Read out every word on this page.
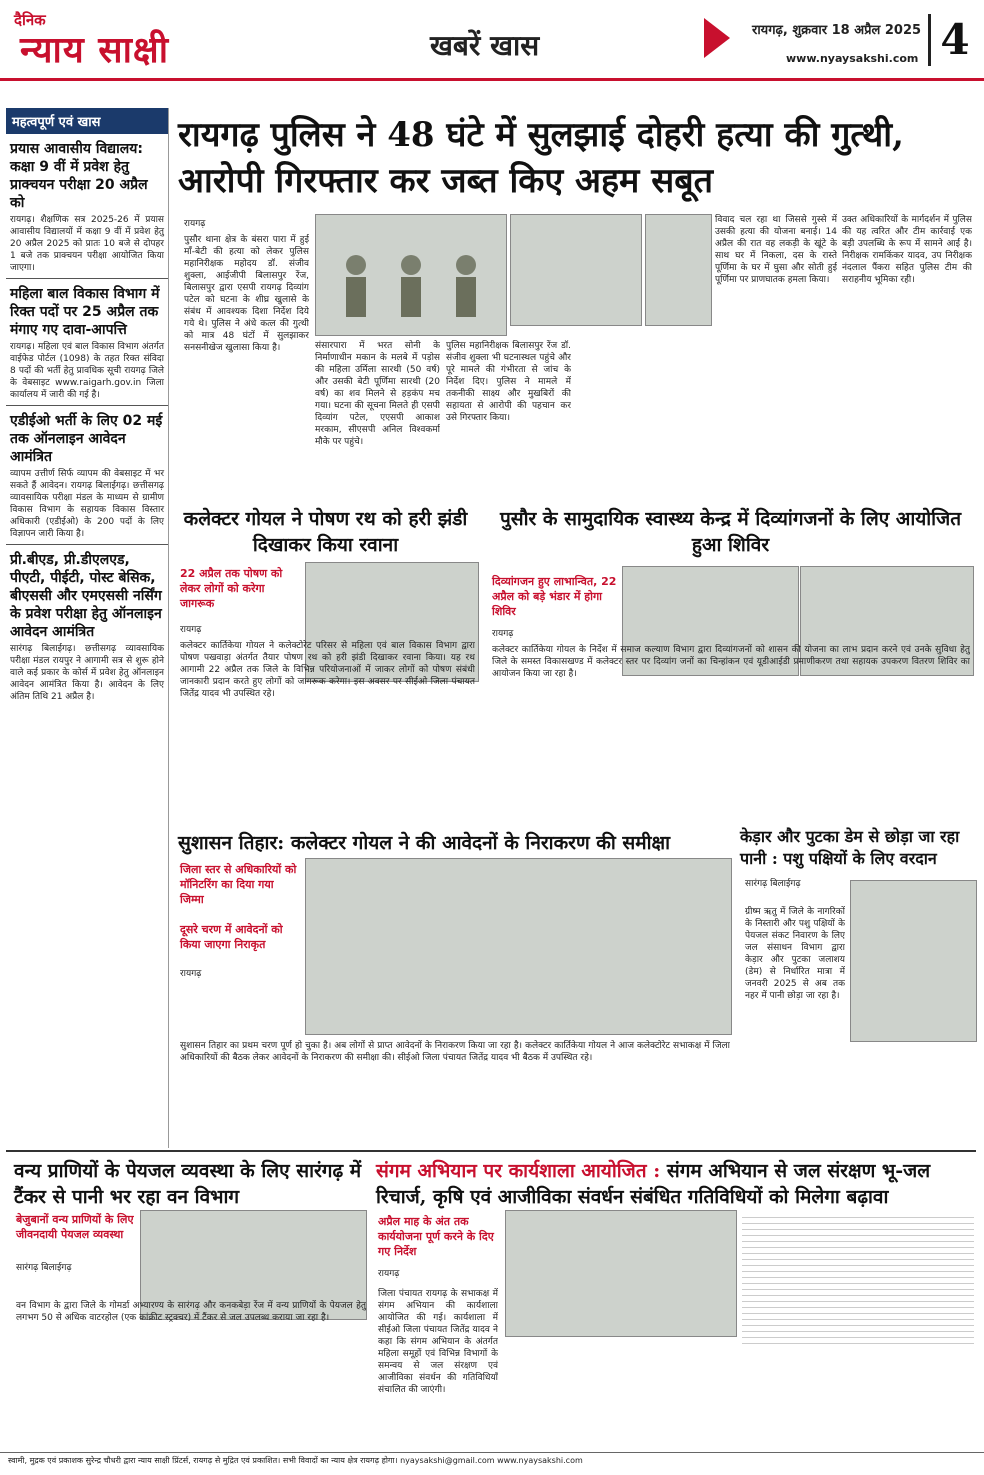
दैनिक
न्याय साक्षी	खबरें खास	रायगढ़, शुक्रवार 18 अप्रैल 2025
www.nyaysakshi.com 4
महत्वपूर्ण एवं खास
प्रयास आवासीय विद्यालय: कक्षा 9 वीं में प्रवेश हेतु प्राक्चयन परीक्षा 20 अप्रैल को
रायगढ़। शैक्षणिक सत्र 2025-26 में प्रयास आवासीय विद्यालयों में कक्षा 9 वीं में प्रवेश हेतु 20 अप्रैल 2025 को प्रातः 10 बजे से दोपहर 1 बजे तक प्राक्चयन परीक्षा आयोजित किया जाएगा।
महिला बाल विकास विभाग में रिक्त पदों पर 25 अप्रैल तक मंगाए गए दावा-आपत्ति
रायगढ़। महिला एवं बाल विकास विभाग अंतर्गत वाईफेड पोर्टल (1098) के तहत रिक्त संविदा 8 पदों की भर्ती हेतु प्रावधिक सूची रायगढ़ जिले के वेबसाइट www.raigarh.gov.in जिला कार्यालय में जारी की गई है।
एडीईओ भर्ती के लिए 02 मई तक ऑनलाइन आवेदन आमंत्रित
व्यापम उत्तीर्ण सिर्फ व्यापम की वेबसाइट में भर सकते हैं आवेदन। रायगढ़ बिलाईगढ़। छत्तीसगढ़ व्यावसायिक परीक्षा मंडल के माध्यम से ग्रामीण विकास विभाग के सहायक विकास विस्तार अधिकारी (एडीईओ) के 200 पदों के लिए विज्ञापन जारी किया है।
प्री.बीएड, प्री.डीएलएड, पीएटी, पीईटी, पोस्ट बेसिक, बीएससी और एमएससी नर्सिंग के प्रवेश परीक्षा हेतु ऑनलाइन आवेदन आमंत्रित
सारंगढ़ बिलाईगढ़। छत्तीसगढ़ व्यावसायिक परीक्षा मंडल रायपुर ने आगामी सत्र से शुरू होने वाले कई प्रकार के कोर्स में प्रवेश हेतु ऑनलाइन आवेदन आमंत्रित किया है। आवेदन के लिए अंतिम तिथि 21 अप्रैल है।
रायगढ़ पुलिस ने 48 घंटे में सुलझाई दोहरी हत्या की गुत्थी, आरोपी गिरफ्तार कर जब्त किए अहम सबूत
रायगढ़
पुसौर थाना क्षेत्र के बंसरा पारा में हुई माँ-बेटी की हत्या को लेकर पुलिस महानिरीक्षक महोदय डॉ. संजीव शुक्ला, आईजीपी बिलासपुर रेंज, बिलासपुर द्वारा एसपी रायगढ़ दिव्यांग पटेल को घटना के शीघ्र खुलासे के संबंध में आवश्यक दिशा निर्देश दिये गये थे। पुलिस ने अंधे कत्ल की गुत्थी को मात्र 48 घंटों में सुलझाकर सनसनीखेज खुलासा किया है।	संसारपारा में भरत सोनी के निर्माणाधीन मकान के मलबे में पड़ोस की महिला उर्मिला सारथी (50 वर्ष) और उसकी बेटी पूर्णिमा सारथी (20 वर्ष) का शव मिलने से हड़कंप मच गया। घटना की सूचना मिलते ही एसपी दिव्यांग पटेल, एएसपी आकाश मरकाम, सीएसपी अनिल विश्वकर्मा मौके पर पहुंचे।
पुलिस महानिरीक्षक बिलासपुर रेंज डॉ. संजीव शुक्ला भी घटनास्थल पहुंचे और पूरे मामले की गंभीरता से जांच के निर्देश दिए। पुलिस ने मामले में तकनीकी साक्ष्य और मुखबिरों की सहायता से आरोपी की पहचान कर उसे गिरफ्तार किया।
विवाद चल रहा था जिससे गुस्से में उसकी हत्या की योजना बनाई। 14 अप्रैल की रात वह लकड़ी के खूंटे के साथ घर में निकला, दस के रास्ते पूर्णिमा के घर में घुसा और सोती हुई पूर्णिमा पर प्राणघातक हमला किया।
उक्त अधिकारियों के मार्गदर्शन में पुलिस की यह त्वरित और टीम कार्रवाई एक बड़ी उपलब्धि के रूप में सामने आई है। निरीक्षक रामकिंकर यादव, उप निरीक्षक नंदलाल पैंकरा सहित पुलिस टीम की सराहनीय भूमिका रही।
कलेक्टर गोयल ने पोषण रथ को हरी झंडी दिखाकर किया रवाना
22 अप्रैल तक पोषण को लेकर लोगों को करेगा जागरूक
रायगढ़
कलेक्टर कार्तिकेया गोयल ने कलेक्टोरेट परिसर से महिला एवं बाल विकास विभाग द्वारा पोषण पखवाड़ा अंतर्गत तैयार पोषण रथ को हरी झंडी दिखाकर रवाना किया। यह रथ आगामी 22 अप्रैल तक जिले के विभिन्न परियोजनाओं में जाकर लोगों को पोषण संबंधी जानकारी प्रदान करते हुए लोगों को जागरूक करेगा। इस अवसर पर सीईओ जिला पंचायत जितेंद्र यादव भी उपस्थित रहे।
पुसौर के सामुदायिक स्वास्थ्य केन्द्र में दिव्यांगजनों के लिए आयोजित हुआ शिविर
दिव्यांगजन हुए लाभान्वित, 22 अप्रैल को बड़े भंडार में होगा शिविर
रायगढ़
कलेक्टर कार्तिकेया गोयल के निर्देश में समाज कल्याण विभाग द्वारा दिव्यांगजनों को शासन की योजना का लाभ प्रदान करने एवं उनके सुविधा हेतु जिले के समस्त विकासखण्ड में कलेक्टर स्तर पर दिव्यांग जनों का चिन्हांकन एवं यूडीआईडी प्रमाणीकरण तथा सहायक उपकरण वितरण शिविर का आयोजन किया जा रहा है।
सुशासन तिहार: कलेक्टर गोयल ने की आवेदनों के निराकरण की समीक्षा
जिला स्तर से अधिकारियों को मॉनिटरिंग का दिया गया जिम्मा
दूसरे चरण में आवेदनों को किया जाएगा निराकृत
रायगढ़
सुशासन तिहार का प्रथम चरण पूर्ण हो चुका है। अब लोगों से प्राप्त आवेदनों के निराकरण किया जा रहा है। कलेक्टर कार्तिकेया गोयल ने आज कलेक्टोरेट सभाकक्ष में जिला अधिकारियों की बैठक लेकर आवेदनों के निराकरण की समीक्षा की। सीईओ जिला पंचायत जितेंद्र यादव भी बैठक में उपस्थित रहे।
केड़ार और पुटका डेम से छोड़ा जा रहा पानी : पशु पक्षियों के लिए वरदान
सारंगढ़ बिलाईगढ़
ग्रीष्म ऋतु में जिले के नागरिकों के निस्तारी और पशु पक्षियों के पेयजल संकट निवारण के लिए जल संसाधन विभाग द्वारा केड़ार और पुटका जलाशय (डेम) से निर्धारित मात्रा में जनवरी 2025 से अब तक नहर में पानी छोड़ा जा रहा है।
वन्य प्राणियों के पेयजल व्यवस्था के लिए सारंगढ़ में टैंकर से पानी भर रहा वन विभाग
बेजुबानों वन्य प्राणियों के लिए जीवनदायी पेयजल व्यवस्था
सारंगढ़ बिलाईगढ़
वन विभाग के द्वारा जिले के गोमर्डा अभ्यारण्य के सारंगढ़ और कनकबेड़ा रेंज में वन्य प्राणियों के पेयजल हेतु लगभग 50 से अधिक वाटरहोल (एक कांक्रीट स्ट्रक्चर) में टैंकर से जल उपलब्ध कराया जा रहा है।
संगम अभियान पर कार्यशाला आयोजित : संगम अभियान से जल संरक्षण भू-जल रिचार्ज, कृषि एवं आजीविका संवर्धन संबंधित गतिविधियों को मिलेगा बढ़ावा
अप्रैल माह के अंत तक कार्ययोजना पूर्ण करने के दिए गए निर्देश
रायगढ़
जिला पंचायत रायगढ़ के सभाकक्ष में संगम अभियान की कार्यशाला आयोजित की गई। कार्यशाला में सीईओ जिला पंचायत जितेंद्र यादव ने कहा कि संगम अभियान के अंतर्गत महिला समूहों एवं विभिन्न विभागों के समन्वय से जल संरक्षण एवं आजीविका संवर्धन की गतिविधियाँ संचालित की जाएंगी।
स्वामी, मुद्रक एवं प्रकाशक सुरेन्द्र चौधरी द्वारा न्याय साक्षी प्रिंटर्स, रायगढ़ से मुद्रित एवं प्रकाशित। सभी विवादों का न्याय क्षेत्र रायगढ़ होगा। nyaysakshi@gmail.com www.nyaysakshi.com
